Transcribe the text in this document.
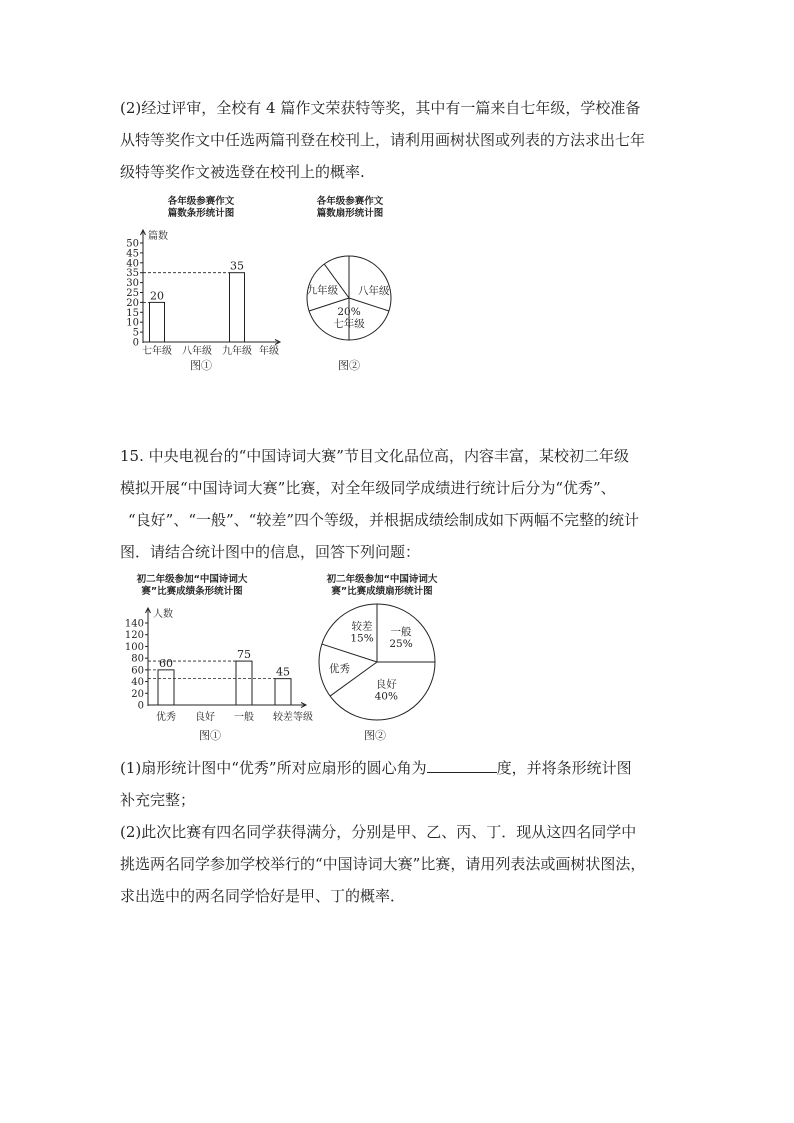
(2)经过评审，全校有 4 篇作文荣获特等奖，其中有一篇来自七年级，学校准备
从特等奖作文中任选两篇刊登在校刊上，请利用画树状图或列表的方法求出七年
级特等奖作文被选登在校刊上的概率.
各年级参赛作文
篇数条形统计图
各年级参赛作文
篇数扇形统计图
篇数
年级
0
5
10
15
20
25
30
35
40
45
50
七年级
20
八年级 九年级
35
20%
七年级
八年级
九年级
图①	图②
15. 中央电视台的“中国诗词大赛”节目文化品位高，内容丰富，某校初二年级
模拟开展“中国诗词大赛”比赛，对全年级同学成绩进行统计后分为“优秀”、
“良好”、“一般”、“较差”四个等级，并根据成绩绘制成如下两幅不完整的统计
图．请结合统计图中的信息，回答下列问题：
初二年级参加“中国诗词大
赛”比赛成绩条形统计图
初二年级参加“中国诗词大
赛”比赛成绩扇形统计图
人数
等级
0
20
40
60
80
100
120
140
优秀
60
良好 一般
75
较差
45
较差
15%
一般
25%
良好
40%
优秀
图①	图②
(1)扇形统计图中“优秀”所对应扇形的圆心角为	度，并将条形统计图
补充完整；
(2)此次比赛有四名同学获得满分，分别是甲、乙、丙、丁．现从这四名同学中
挑选两名同学参加学校举行的“中国诗词大赛”比赛，请用列表法或画树状图法，
求出选中的两名同学恰好是甲、丁的概率．
